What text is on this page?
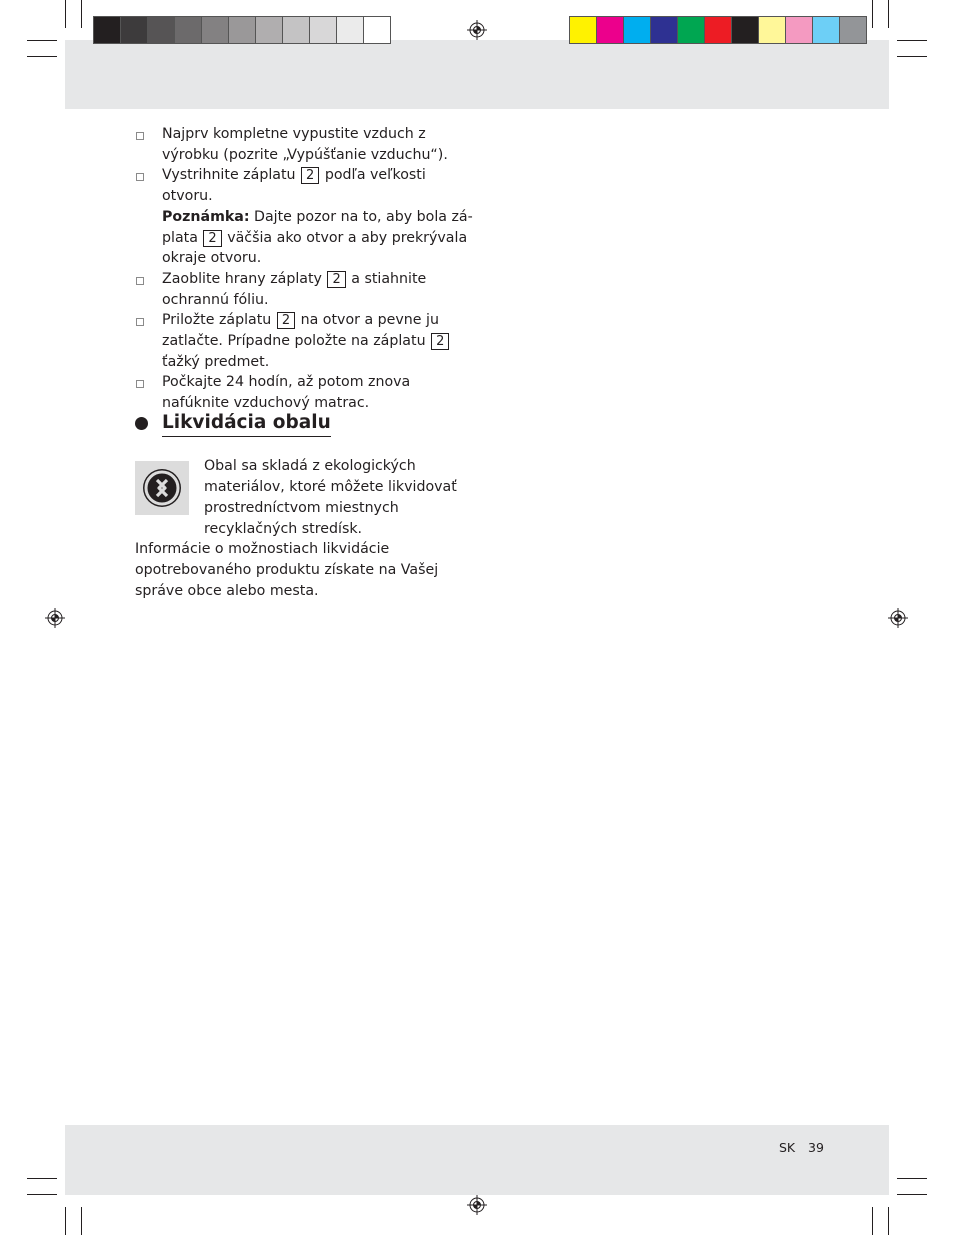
Najprv kompletne vypustite vzduch z výrobku (pozrite „Vypúšťanie vzduchu“).
Vystrihnite záplatu 2 podľa veľkosti otvoru.
Poznámka: Dajte pozor na to, aby bola zá-plata 2 väčšia ako otvor a aby prekrývala okraje otvoru.
Zaoblite hrany záplaty 2 a stiahnite ochrannú fóliu.
Priložte záplatu 2 na otvor a pevne ju zatlačte. Prípadne položte na záplatu 2 ťažký predmet.
Počkajte 24 hodín, až potom znova nafúknite vzduchový matrac.
Likvidácia obalu
Obal sa skladá z ekologických materiálov, ktoré môžete likvidovať prostredníctvom miestnych recyklačných stredísk.
Informácie o možnostiach likvidácie opotrebovaného produktu získate na Vašej správe obce alebo mesta.
SK 39
